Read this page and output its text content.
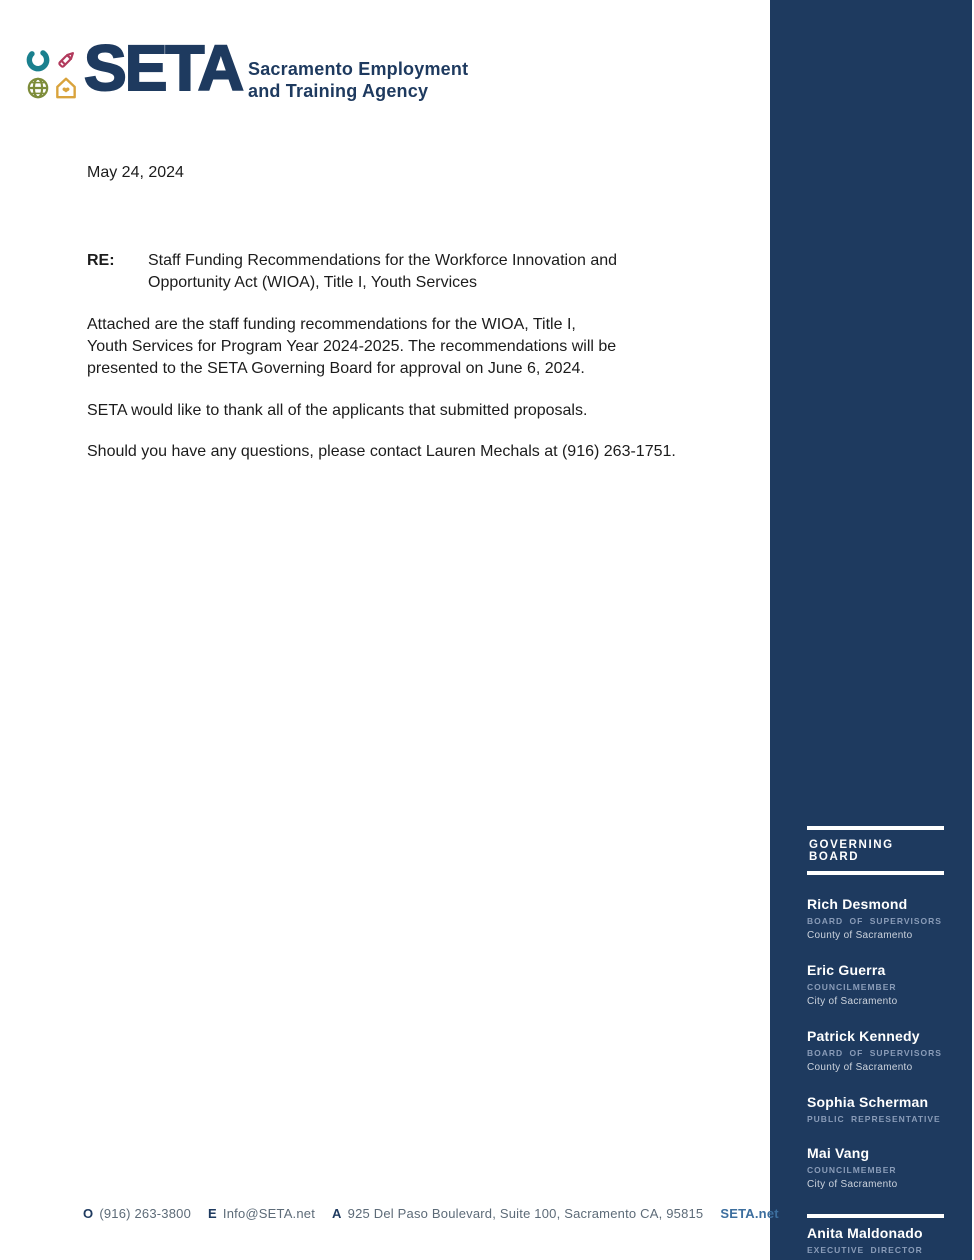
SETA Sacramento Employment
and Training Agency
May 24, 2024
RE:	Staff Funding Recommendations for the Workforce Innovation and
Opportunity Act (WIOA), Title I, Youth Services
Attached are the staff funding recommendations for the WIOA, Title I,
Youth Services for Program Year 2024-2025. The recommendations will be
presented to the SETA Governing Board for approval on June 6, 2024.
SETA would like to thank all of the applicants that submitted proposals.
Should you have any questions, please contact Lauren Mechals at (916) 263-1751.
GOVERNING BOARD
Rich Desmond
BOARD OF SUPERVISORS
County of Sacramento
Eric Guerra
COUNCILMEMBER
City of Sacramento
Patrick Kennedy
BOARD OF SUPERVISORS
County of Sacramento
Sophia Scherman
PUBLIC REPRESENTATIVE
Mai Vang
COUNCILMEMBER
City of Sacramento
Anita Maldonado
EXECUTIVE DIRECTOR
O (916) 263-3800 E Info@SETA.net A 925 Del Paso Boulevard, Suite 100, Sacramento CA, 95815 SETA.net
